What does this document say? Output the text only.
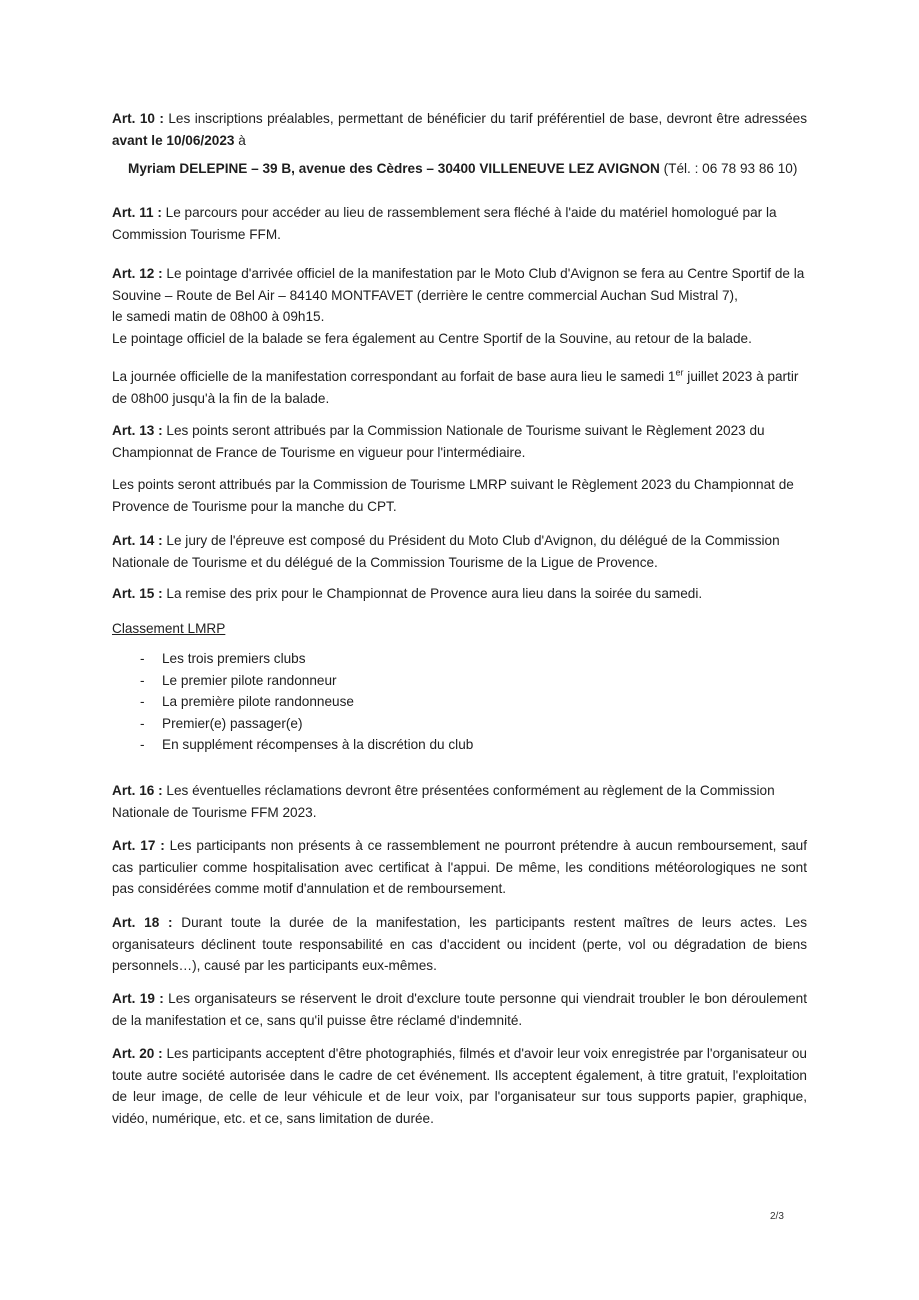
Art. 10 : Les inscriptions préalables, permettant de bénéficier du tarif préférentiel de base, devront être adressées avant le 10/06/2023 à

Myriam DELEPINE – 39 B, avenue des Cèdres – 30400 VILLENEUVE LEZ AVIGNON (Tél. : 06 78 93 86 10)

Art. 11 : Le parcours pour accéder au lieu de rassemblement sera fléché à l'aide du matériel homologué par la Commission Tourisme FFM.

Art. 12 : Le pointage d'arrivée officiel de la manifestation par le Moto Club d'Avignon se fera au Centre Sportif de la Souvine – Route de Bel Air – 84140 MONTFAVET (derrière le centre commercial Auchan Sud Mistral 7),
le samedi matin de 08h00 à 09h15.
Le pointage officiel de la balade se fera également au Centre Sportif de la Souvine, au retour de la balade.

La journée officielle de la manifestation correspondant au forfait de base aura lieu le samedi 1er juillet 2023 à partir de 08h00 jusqu'à la fin de la balade.

Art. 13 : Les points seront attribués par la Commission Nationale de Tourisme suivant le Règlement 2023 du Championnat de France de Tourisme en vigueur pour l'intermédiaire.

Les points seront attribués par la Commission de Tourisme LMRP suivant le Règlement 2023 du Championnat de Provence de Tourisme pour la manche du CPT.

Art. 14 : Le jury de l'épreuve est composé du Président du Moto Club d'Avignon, du délégué de la Commission Nationale de Tourisme et du délégué de la Commission Tourisme de la Ligue de Provence.

Art. 15 : La remise des prix pour le Championnat de Provence aura lieu dans la soirée du samedi.

Classement LMRP

-	Les trois premiers clubs
-	Le premier pilote randonneur
-	La première pilote randonneuse
-	Premier(e) passager(e)
-	En supplément récompenses à la discrétion du club

Art. 16 : Les éventuelles réclamations devront être présentées conformément au règlement de la Commission Nationale de Tourisme FFM 2023.

Art. 17 : Les participants non présents à ce rassemblement ne pourront prétendre à aucun remboursement, sauf cas particulier comme hospitalisation avec certificat à l'appui. De même, les conditions météorologiques ne sont pas considérées comme motif d'annulation et de remboursement.

Art. 18 : Durant toute la durée de la manifestation, les participants restent maîtres de leurs actes. Les organisateurs déclinent toute responsabilité en cas d'accident ou incident (perte, vol ou dégradation de biens personnels…), causé par les participants eux-mêmes.

Art. 19 : Les organisateurs se réservent le droit d'exclure toute personne qui viendrait troubler le bon déroulement de la manifestation et ce, sans qu'il puisse être réclamé d'indemnité.

Art. 20 : Les participants acceptent d'être photographiés, filmés et d'avoir leur voix enregistrée par l'organisateur ou toute autre société autorisée dans le cadre de cet événement. Ils acceptent également, à titre gratuit, l'exploitation de leur image, de celle de leur véhicule et de leur voix, par l'organisateur sur tous supports papier, graphique, vidéo, numérique, etc. et ce, sans limitation de durée.

2/3
